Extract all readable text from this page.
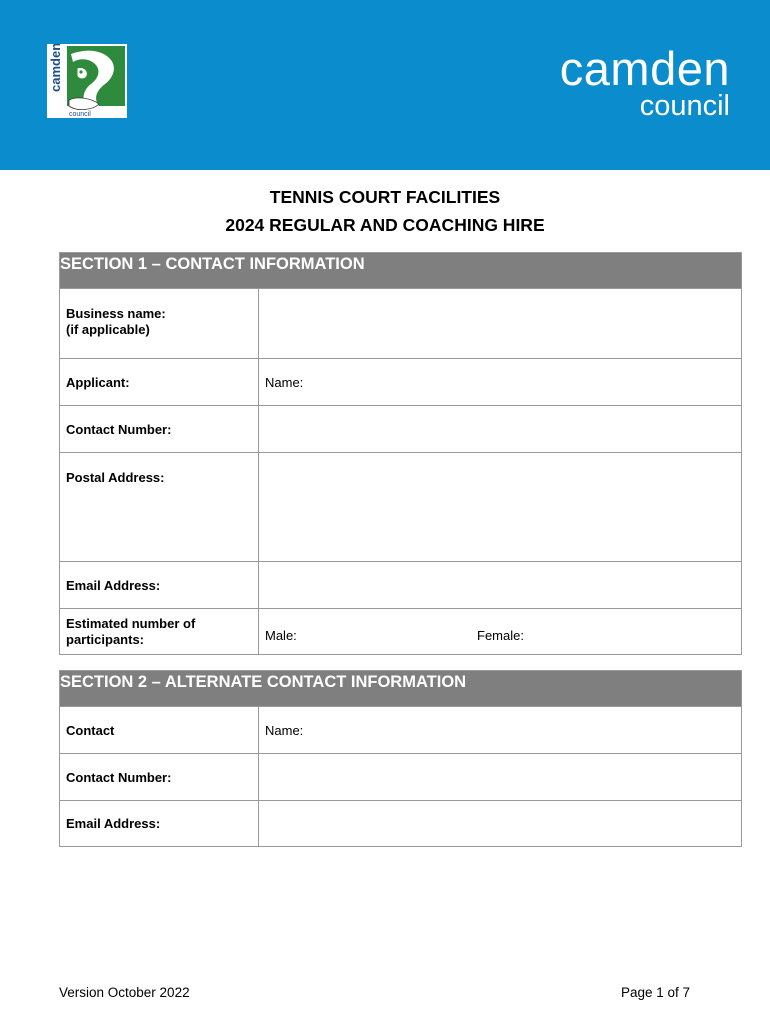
camden
council
camden
council
TENNIS COURT FACILITIES
2024 REGULAR AND COACHING HIRE
SECTION 1 – CONTACT INFORMATION	

Business name:
(if applicable)	

Applicant:	Name:

Contact Number:	
Postal Address:	
Email Address:	

Estimated number of
participants:	Male: Female:
SECTION 2 – ALTERNATE CONTACT INFORMATION	
Contact	Name:

Contact Number:	
Email Address:	
Version October 2022	Page 1 of 7
